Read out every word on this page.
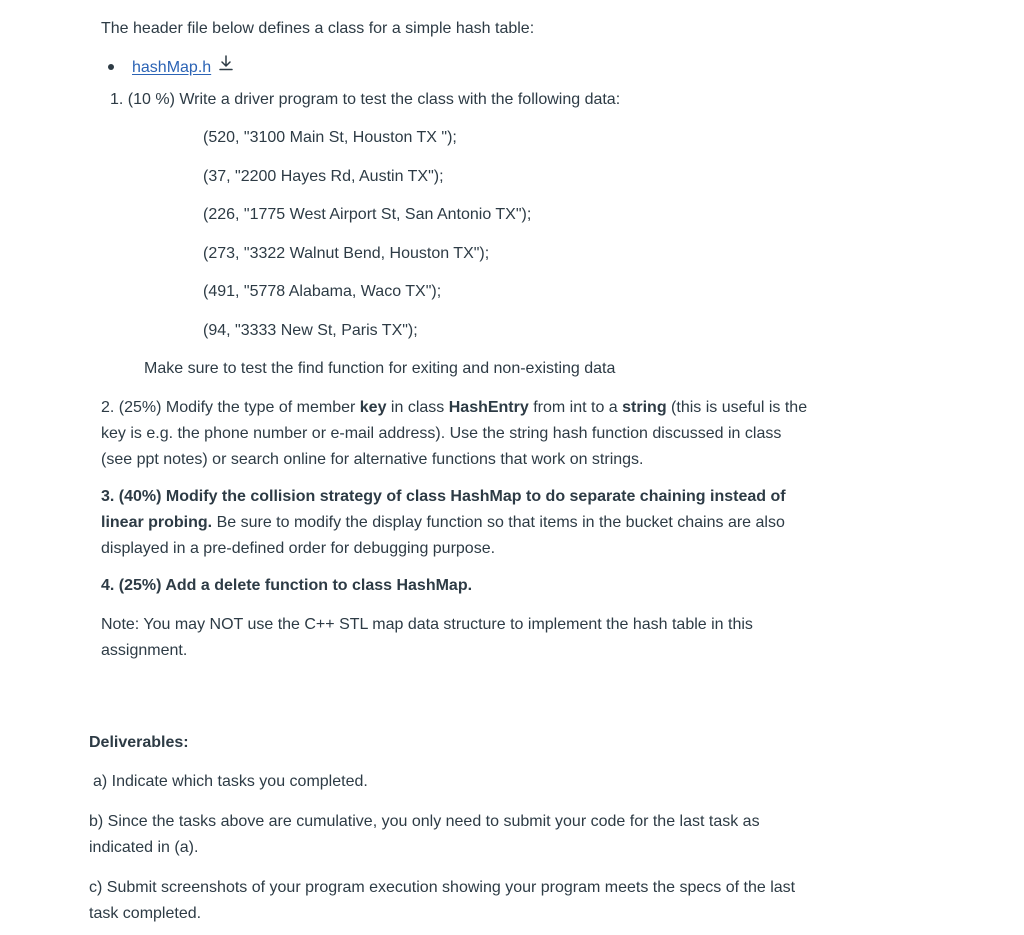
The header file below defines a class for a simple hash table:
hashMap.h
1. (10 %) Write a driver program to test the class with the following data:
(520, "3100 Main St, Houston TX ");
(37, "2200 Hayes Rd, Austin TX");
(226, "1775 West Airport St, San Antonio TX");
(273, "3322 Walnut Bend, Houston TX");
(491, "5778 Alabama, Waco TX");
(94, "3333 New St, Paris TX");
Make sure to test the find function for exiting and non-existing data
2. (25%) Modify the type of member key in class HashEntry from int to a string (this is useful is the key is e.g. the phone number or e-mail address). Use the string hash function discussed in class (see ppt notes) or search online for alternative functions that work on strings.
3. (40%) Modify the collision strategy of class HashMap to do separate chaining instead of linear probing. Be sure to modify the display function so that items in the bucket chains are also displayed in a pre-defined order for debugging purpose.
4. (25%) Add a delete function to class HashMap.
Note: You may NOT use the C++ STL map data structure to implement the hash table in this assignment.
Deliverables:
a) Indicate which tasks you completed.
b) Since the tasks above are cumulative, you only need to submit your code for the last task as indicated in (a).
c) Submit screenshots of your program execution showing your program meets the specs of the last task completed.
